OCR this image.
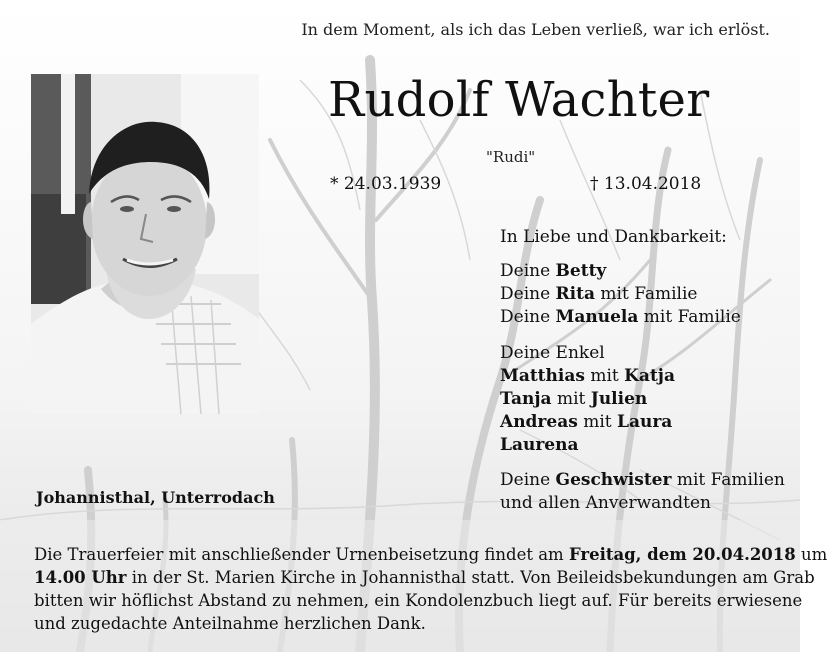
In dem Moment, als ich das Leben verließ, war ich erlöst.
Rudolf Wachter
"Rudi"
* 24.03.1939	† 13.04.2018
Johannisthal, Unterrodach
In Liebe und Dankbarkeit:
Deine Betty
Deine Rita mit Familie
Deine Manuela mit Familie
Deine Enkel
Matthias mit Katja
Tanja mit Julien
Andreas mit Laura
Laurena
Deine Geschwister mit Familien
und allen Anverwandten
Die Trauerfeier mit anschließender Urnenbeisetzung findet am Freitag, dem 20.04.2018 um
14.00 Uhr in der St. Marien Kirche in Johannisthal statt. Von Beileidsbekundungen am Grab
bitten wir höflichst Abstand zu nehmen, ein Kondolenzbuch liegt auf. Für bereits erwiesene
und zugedachte Anteilnahme herzlichen Dank.
